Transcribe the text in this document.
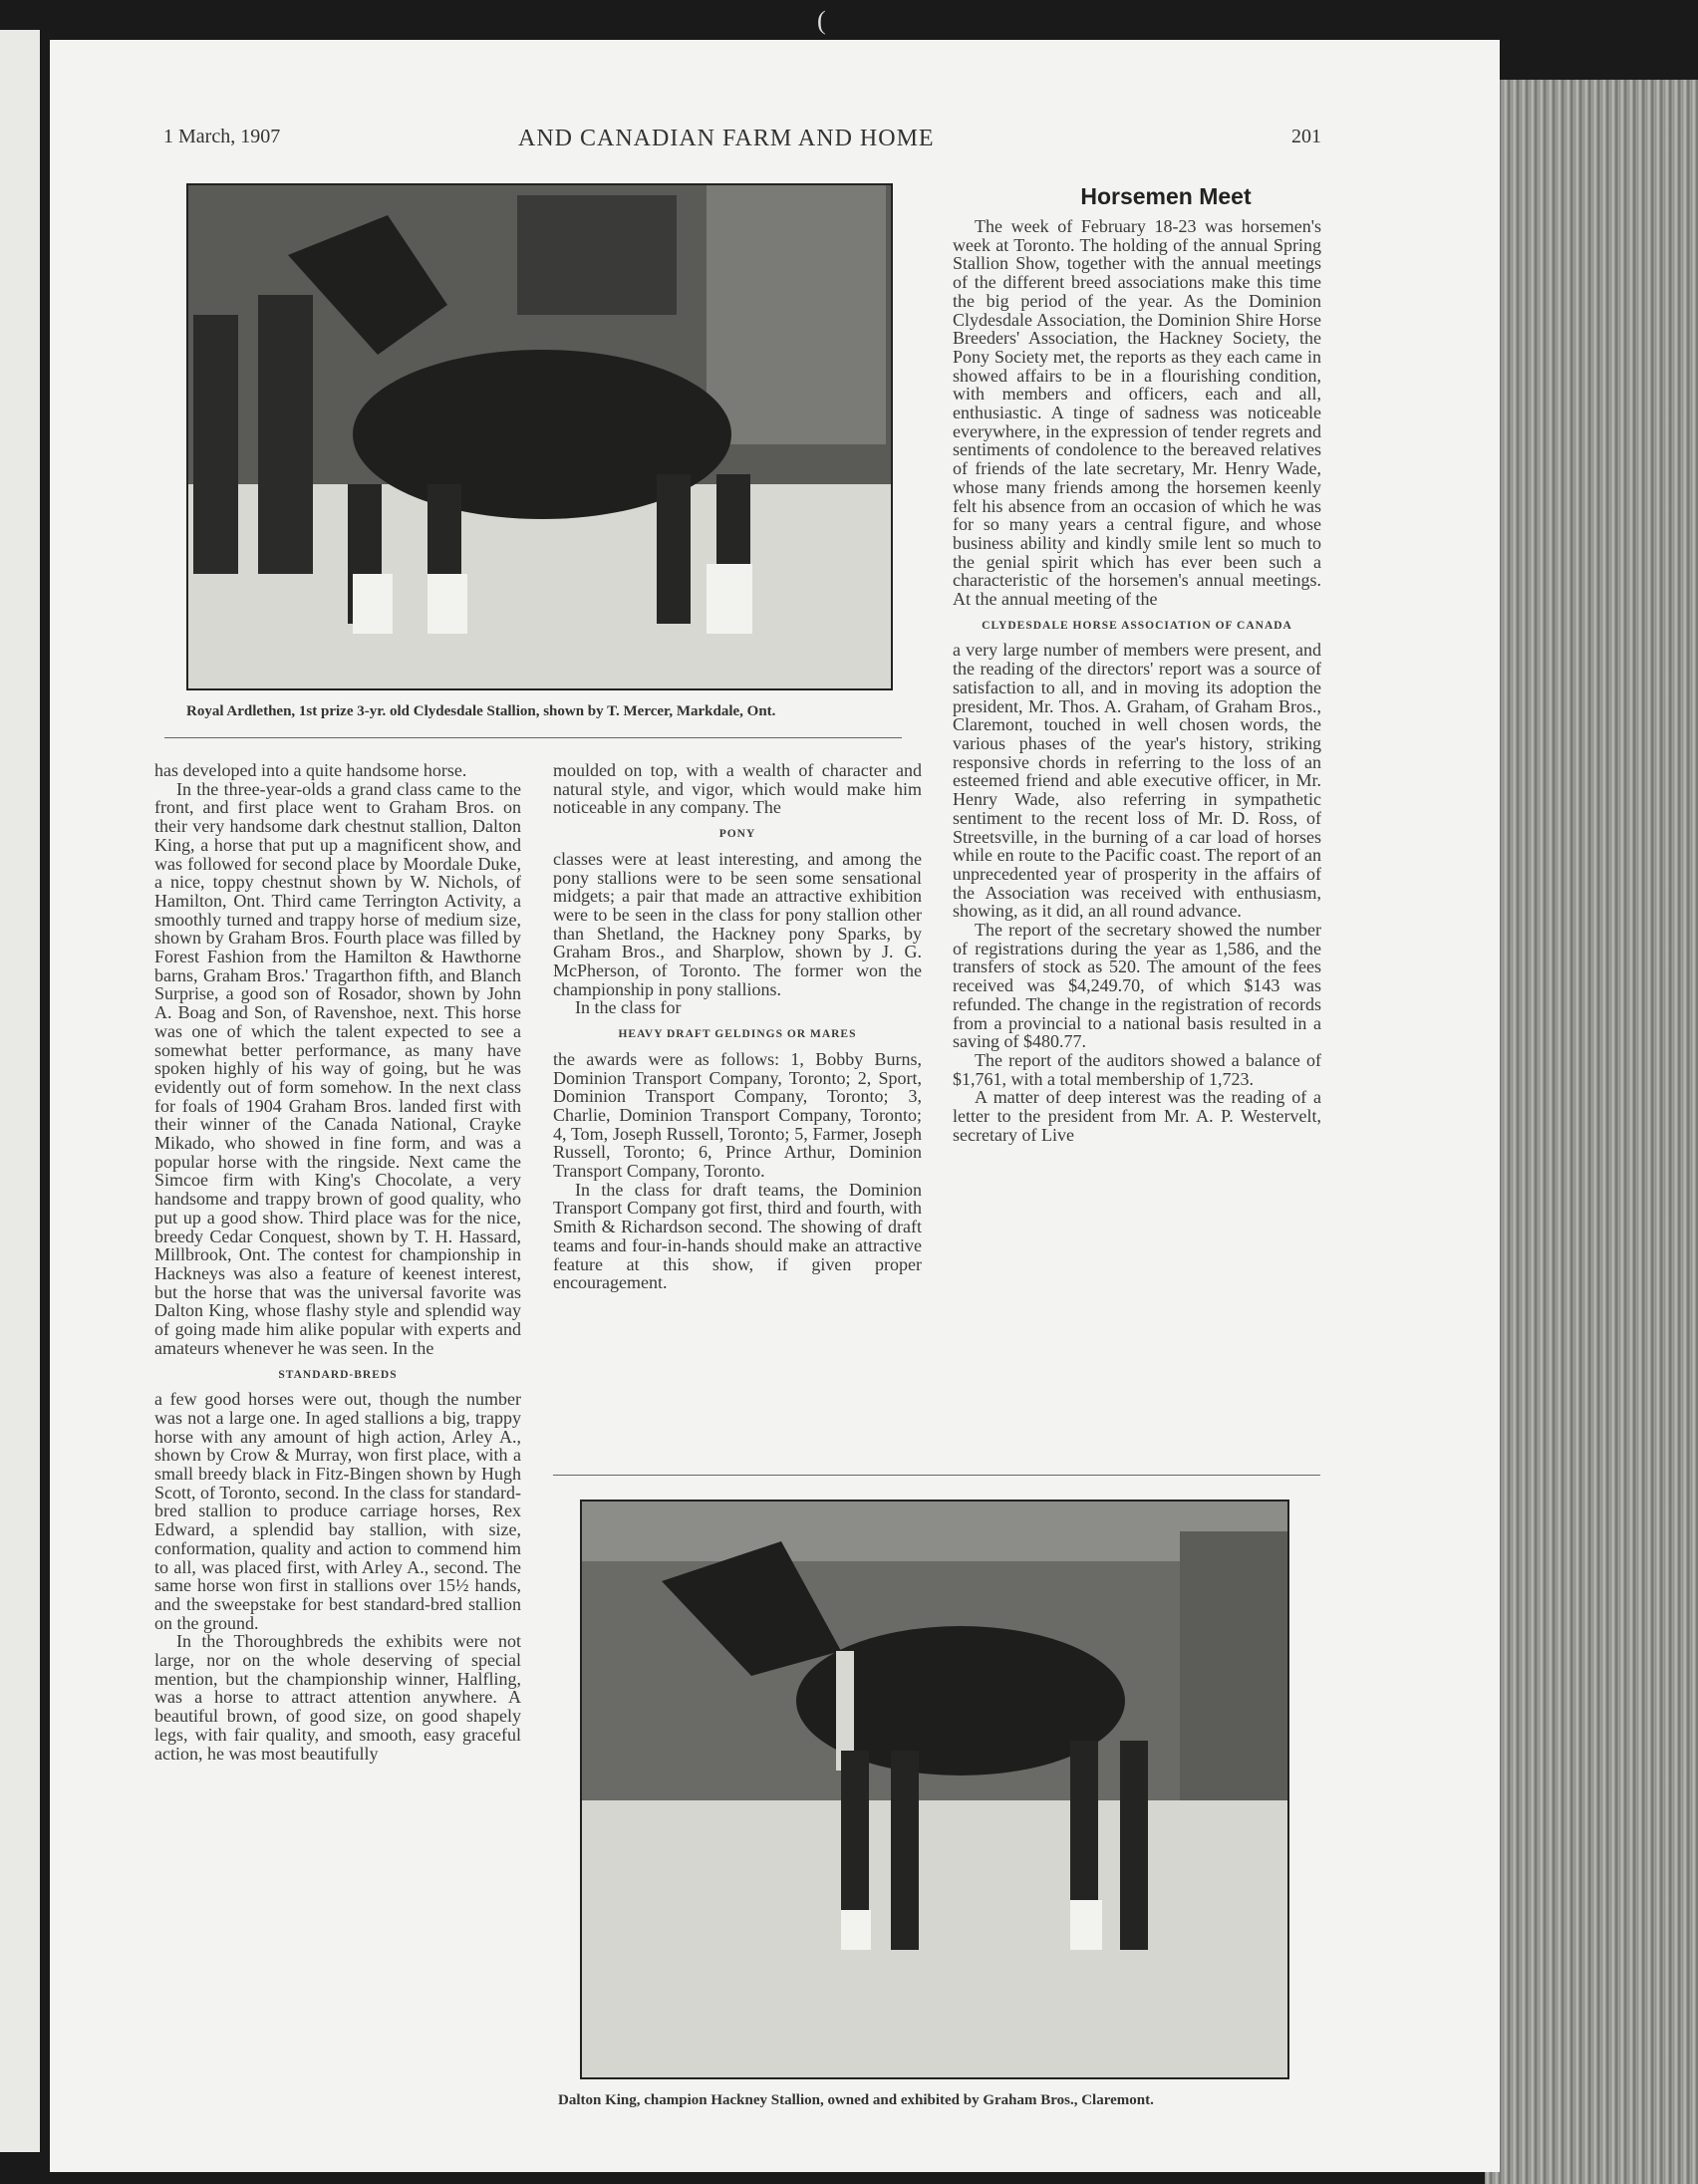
(
1 March, 1907	AND CANADIAN FARM AND HOME	201
Royal Ardlethen, 1st prize 3-yr. old Clydesdale Stallion, shown by T. Mercer, Markdale, Ont.
Horsemen Meet

The week of February 18-23 was horsemen's week at Toronto. The holding of the annual Spring Stallion Show, together with the annual meetings of the different breed associations make this time the big period of the year. As the Dominion Clydesdale Association, the Dominion Shire Horse Breeders' Association, the Hackney Society, the Pony Society met, the reports as they each came in showed affairs to be in a flourishing condition, with members and officers, each and all, enthusiastic. A tinge of sadness was noticeable everywhere, in the expression of tender regrets and sentiments of condolence to the bereaved relatives of friends of the late secretary, Mr. Henry Wade, whose many friends among the horsemen keenly felt his absence from an occasion of which he was for so many years a central figure, and whose business ability and kindly smile lent so much to the genial spirit which has ever been such a characteristic of the horsemen's annual meetings. At the annual meeting of the

CLYDESDALE HORSE ASSOCIATION OF CANADA

a very large number of members were present, and the reading of the directors' report was a source of satisfaction to all, and in moving its adoption the president, Mr. Thos. A. Graham, of Graham Bros., Claremont, touched in well chosen words, the various phases of the year's history, striking responsive chords in referring to the loss of an esteemed friend and able executive officer, in Mr. Henry Wade, also referring in sympathetic sentiment to the recent loss of Mr. D. Ross, of Streetsville, in the burning of a car load of horses while en route to the Pacific coast. The report of an unprecedented year of prosperity in the affairs of the Association was received with enthusiasm, showing, as it did, an all round advance.

The report of the secretary showed the number of registrations during the year as 1,586, and the transfers of stock as 520. The amount of the fees received was $4,249.70, of which $143 was refunded. The change in the registration of records from a provincial to a national basis resulted in a saving of $480.77.

The report of the auditors showed a balance of $1,761, with a total membership of 1,723.

A matter of deep interest was the reading of a letter to the president from Mr. A. P. Westervelt, secretary of Live

has developed into a quite handsome horse.

In the three-year-olds a grand class came to the front, and first place went to Graham Bros. on their very handsome dark chestnut stallion, Dalton King, a horse that put up a magnificent show, and was followed for second place by Moordale Duke, a nice, toppy chestnut shown by W. Nichols, of Hamilton, Ont. Third came Terrington Activity, a smoothly turned and trappy horse of medium size, shown by Graham Bros. Fourth place was filled by Forest Fashion from the Hamilton & Hawthorne barns, Graham Bros.' Tragarthon fifth, and Blanch Surprise, a good son of Rosador, shown by John A. Boag and Son, of Ravenshoe, next. This horse was one of which the talent expected to see a somewhat better performance, as many have spoken highly of his way of going, but he was evidently out of form somehow. In the next class for foals of 1904 Graham Bros. landed first with their winner of the Canada National, Crayke Mikado, who showed in fine form, and was a popular horse with the ringside. Next came the Simcoe firm with King's Chocolate, a very handsome and trappy brown of good quality, who put up a good show. Third place was for the nice, breedy Cedar Conquest, shown by T. H. Hassard, Millbrook, Ont. The contest for championship in Hackneys was also a feature of keenest interest, but the horse that was the universal favorite was Dalton King, whose flashy style and splendid way of going made him alike popular with experts and amateurs whenever he was seen. In the

STANDARD-BREDS

a few good horses were out, though the number was not a large one. In aged stallions a big, trappy horse with any amount of high action, Arley A., shown by Crow & Murray, won first place, with a small breedy black in Fitz-Bingen shown by Hugh Scott, of Toronto, second. In the class for standard-bred stallion to produce carriage horses, Rex Edward, a splendid bay stallion, with size, conformation, quality and action to commend him to all, was placed first, with Arley A., second. The same horse won first in stallions over 15½ hands, and the sweepstake for best standard-bred stallion on the ground.

In the Thoroughbreds the exhibits were not large, nor on the whole deserving of special mention, but the championship winner, Halfling, was a horse to attract attention anywhere. A beautiful brown, of good size, on good shapely legs, with fair quality, and smooth, easy graceful action, he was most beautifully

moulded on top, with a wealth of character and natural style, and vigor, which would make him noticeable in any company. The

PONY

classes were at least interesting, and among the pony stallions were to be seen some sensational midgets; a pair that made an attractive exhibition were to be seen in the class for pony stallion other than Shetland, the Hackney pony Sparks, by Graham Bros., and Sharplow, shown by J. G. McPherson, of Toronto. The former won the championship in pony stallions.

In the class for

HEAVY DRAFT GELDINGS OR MARES

the awards were as follows: 1, Bobby Burns, Dominion Transport Company, Toronto; 2, Sport, Dominion Transport Company, Toronto; 3, Charlie, Dominion Transport Company, Toronto; 4, Tom, Joseph Russell, Toronto; 5, Farmer, Joseph Russell, Toronto; 6, Prince Arthur, Dominion Transport Company, Toronto.

In the class for draft teams, the Dominion Transport Company got first, third and fourth, with Smith & Richardson second. The showing of draft teams and four-in-hands should make an attractive feature at this show, if given proper encouragement.

Dalton King, champion Hackney Stallion, owned and exhibited by Graham Bros., Claremont.
